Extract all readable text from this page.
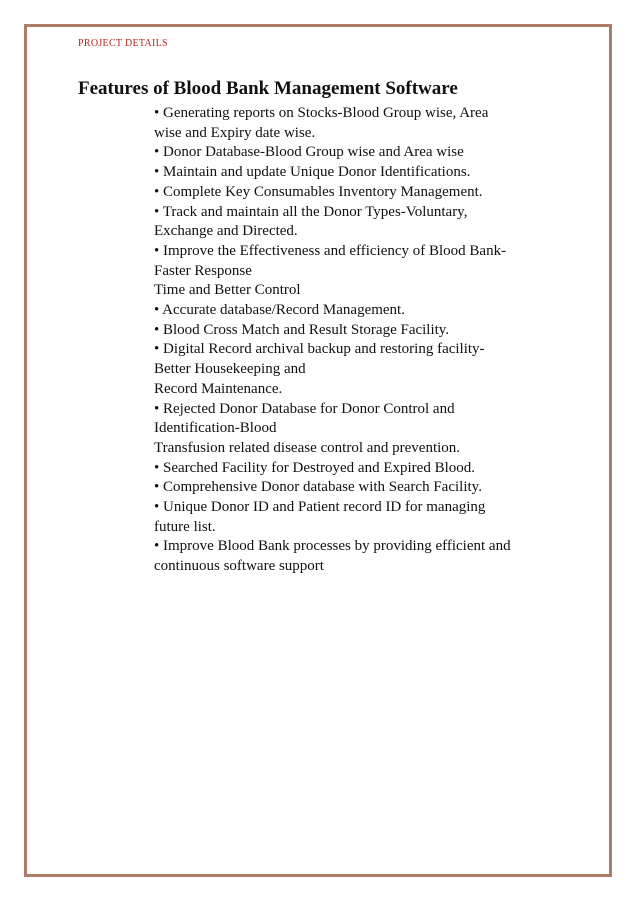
PROJECT DETAILS
Features of Blood Bank Management Software

• Generating reports on Stocks-Blood Group wise, Area

wise and Expiry date wise.

• Donor Database-Blood Group wise and Area wise

• Maintain and update Unique Donor Identifications.

• Complete Key Consumables Inventory Management.

• Track and maintain all the Donor Types-Voluntary,

Exchange and Directed.

• Improve the Effectiveness and efficiency of Blood Bank-

Faster Response

Time and Better Control

• Accurate database/Record Management.

• Blood Cross Match and Result Storage Facility.

• Digital Record archival backup and restoring facility-

Better Housekeeping and

Record Maintenance.

• Rejected Donor Database for Donor Control and

Identification-Blood

Transfusion related disease control and prevention.

• Searched Facility for Destroyed and Expired Blood.

• Comprehensive Donor database with Search Facility.

• Unique Donor ID and Patient record ID for managing

future list.

• Improve Blood Bank processes by providing efficient and

continuous software support
